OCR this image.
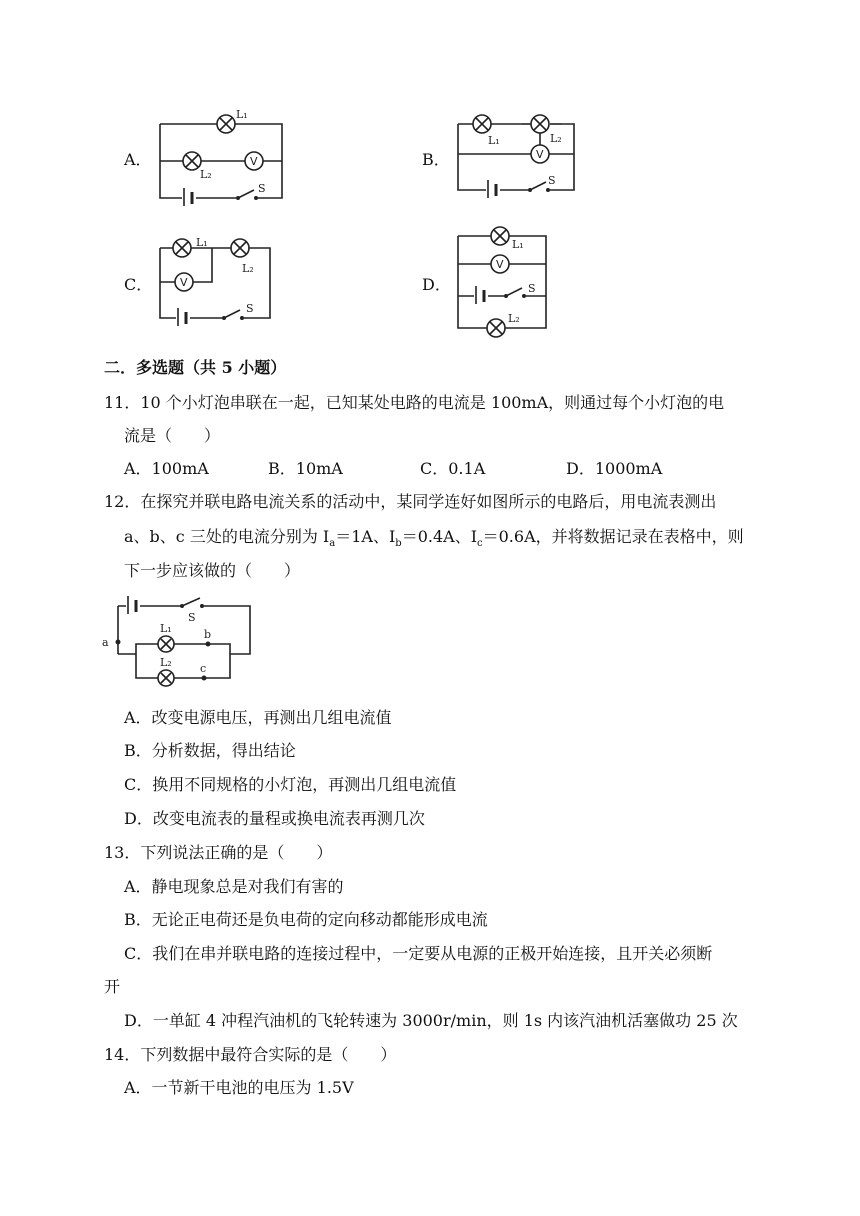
A．	B．
C．	D．
L₁
L₂
V
S
L₁	L₂
V
S
L₁
L₂
V
S
L₁
V
S
L₂
二．多选题（共 5 小题）
11．10 个小灯泡串联在一起，已知某处电路的电流是 100mA，则通过每个小灯泡的电
流是（　　）
A．100mA	B．10mA	C．0.1A	D．1000mA
12．在探究并联电路电流关系的活动中，某同学连好如图所示的电路后，用电流表测出
a、b、c 三处的电流分别为 $I_a=1A$、$I_b=0.4A$、$I_c=0.6A$，并将数据记录在表格中，则
下一步应该做的（　　）
S
a
L₁	b
L₂	c
A．改变电源电压，再测出几组电流值
B．分析数据，得出结论
C．换用不同规格的小灯泡，再测出几组电流值
D．改变电流表的量程或换电流表再测几次
13．下列说法正确的是（　　）
A．静电现象总是对我们有害的
B．无论正电荷还是负电荷的定向移动都能形成电流
C．我们在串并联电路的连接过程中，一定要从电源的正极开始连接，且开关必须断
开
D．一单缸 4 冲程汽油机的飞轮转速为 3000r/min，则 1s 内该汽油机活塞做功 25 次
14．下列数据中最符合实际的是（　　）
A．一节新干电池的电压为 1.5V
